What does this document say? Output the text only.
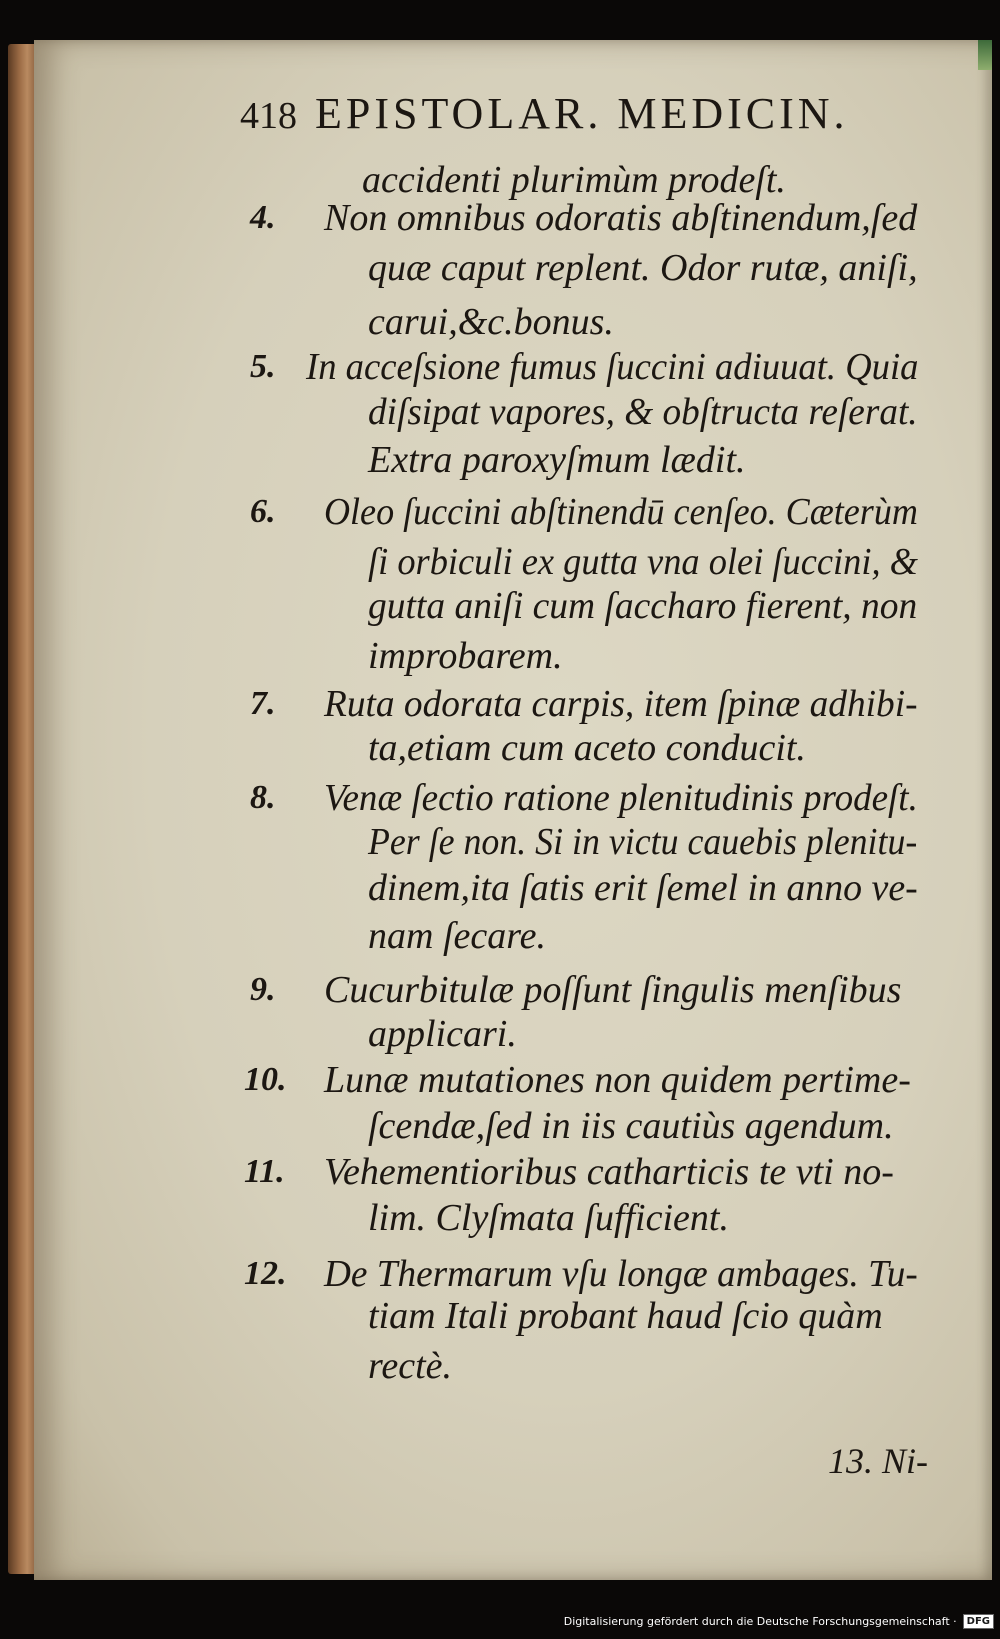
418 EPISTOLAR. MEDICIN.
accidenti plurimùm prodeſt.
4. Non omnibus odoratis abſtinendum,ſed
quæ caput replent. Odor rutæ, aniſi,
carui,&c.bonus.
5. In acceſsione fumus ſuccini adiuuat. Quia
diſsipat vapores, & obſtructa reſerat.
Extra paroxyſmum lædit.
6. Oleo ſuccini abſtinendū cenſeo. Cæterùm
ſi orbiculi ex gutta vna olei ſuccini, &
gutta aniſi cum ſaccharo fierent, non
improbarem.
7. Ruta odorata carpis, item ſpinæ adhibi-
ta,etiam cum aceto conducit.
8. Venæ ſectio ratione plenitudinis prodeſt.
Per ſe non. Si in victu cauebis plenitu-
dinem,ita ſatis erit ſemel in anno ve-
nam ſecare.
9. Cucurbitulæ poſſunt ſingulis menſibus
applicari.
10. Lunæ mutationes non quidem pertime-
ſcendæ,ſed in iis cautiùs agendum.
11. Vehementioribus catharticis te vti no-
lim. Clyſmata ſufficient.
12. De Thermarum vſu longæ ambages. Tu-
tiam Itali probant haud ſcio quàm
rectè.
13. Ni-
Digitalisierung gefördert durch die Deutsche Forschungsgemeinschaft ·	DFG
